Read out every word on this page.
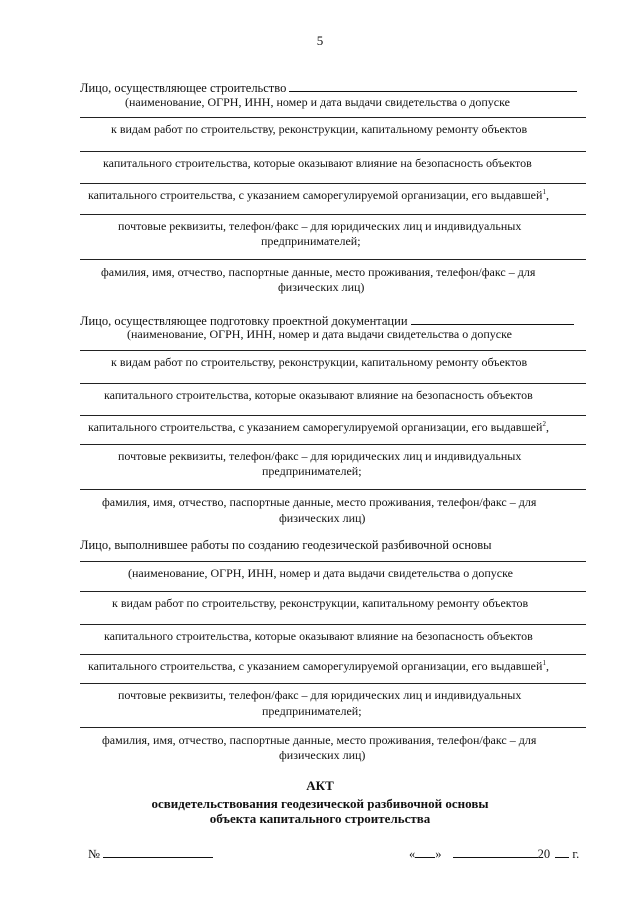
5
Лицо, осуществляющее строительство
(наименование, ОГРН, ИНН, номер и дата выдачи свидетельства о допуске
к видам работ по строительству, реконструкции, капитальному ремонту объектов
капитального строительства, которые оказывают влияние на безопасность объектов
капитального строительства, с указанием саморегулируемой организации, его выдавшей$^1$,
почтовые реквизиты, телефон/факс – для юридических лиц и индивидуальных
предпринимателей;
фамилия, имя, отчество, паспортные данные, место проживания, телефон/факс – для
физических лиц)
Лицо, осуществляющее подготовку проектной документации
(наименование, ОГРН, ИНН, номер и дата выдачи свидетельства о допуске
к видам работ по строительству, реконструкции, капитальному ремонту объектов
капитального строительства, которые оказывают влияние на безопасность объектов
капитального строительства, с указанием саморегулируемой организации, его выдавшей$^2$,
почтовые реквизиты, телефон/факс – для юридических лиц и индивидуальных
предпринимателей;
фамилия, имя, отчество, паспортные данные, место проживания, телефон/факс – для
физических лиц)
Лицо, выполнившее работы по созданию геодезической разбивочной основы
(наименование, ОГРН, ИНН, номер и дата выдачи свидетельства о допуске
к видам работ по строительству, реконструкции, капитальному ремонту объектов
капитального строительства, которые оказывают влияние на безопасность объектов
капитального строительства, с указанием саморегулируемой организации, его выдавшей$^1$,
почтовые реквизиты, телефон/факс – для юридических лиц и индивидуальных
предпринимателей;
фамилия, имя, отчество, паспортные данные, место проживания, телефон/факс – для
физических лиц)
АКТ
освидетельствования геодезической разбивочной основы
объекта капитального строительства
№	« »	20 г.
